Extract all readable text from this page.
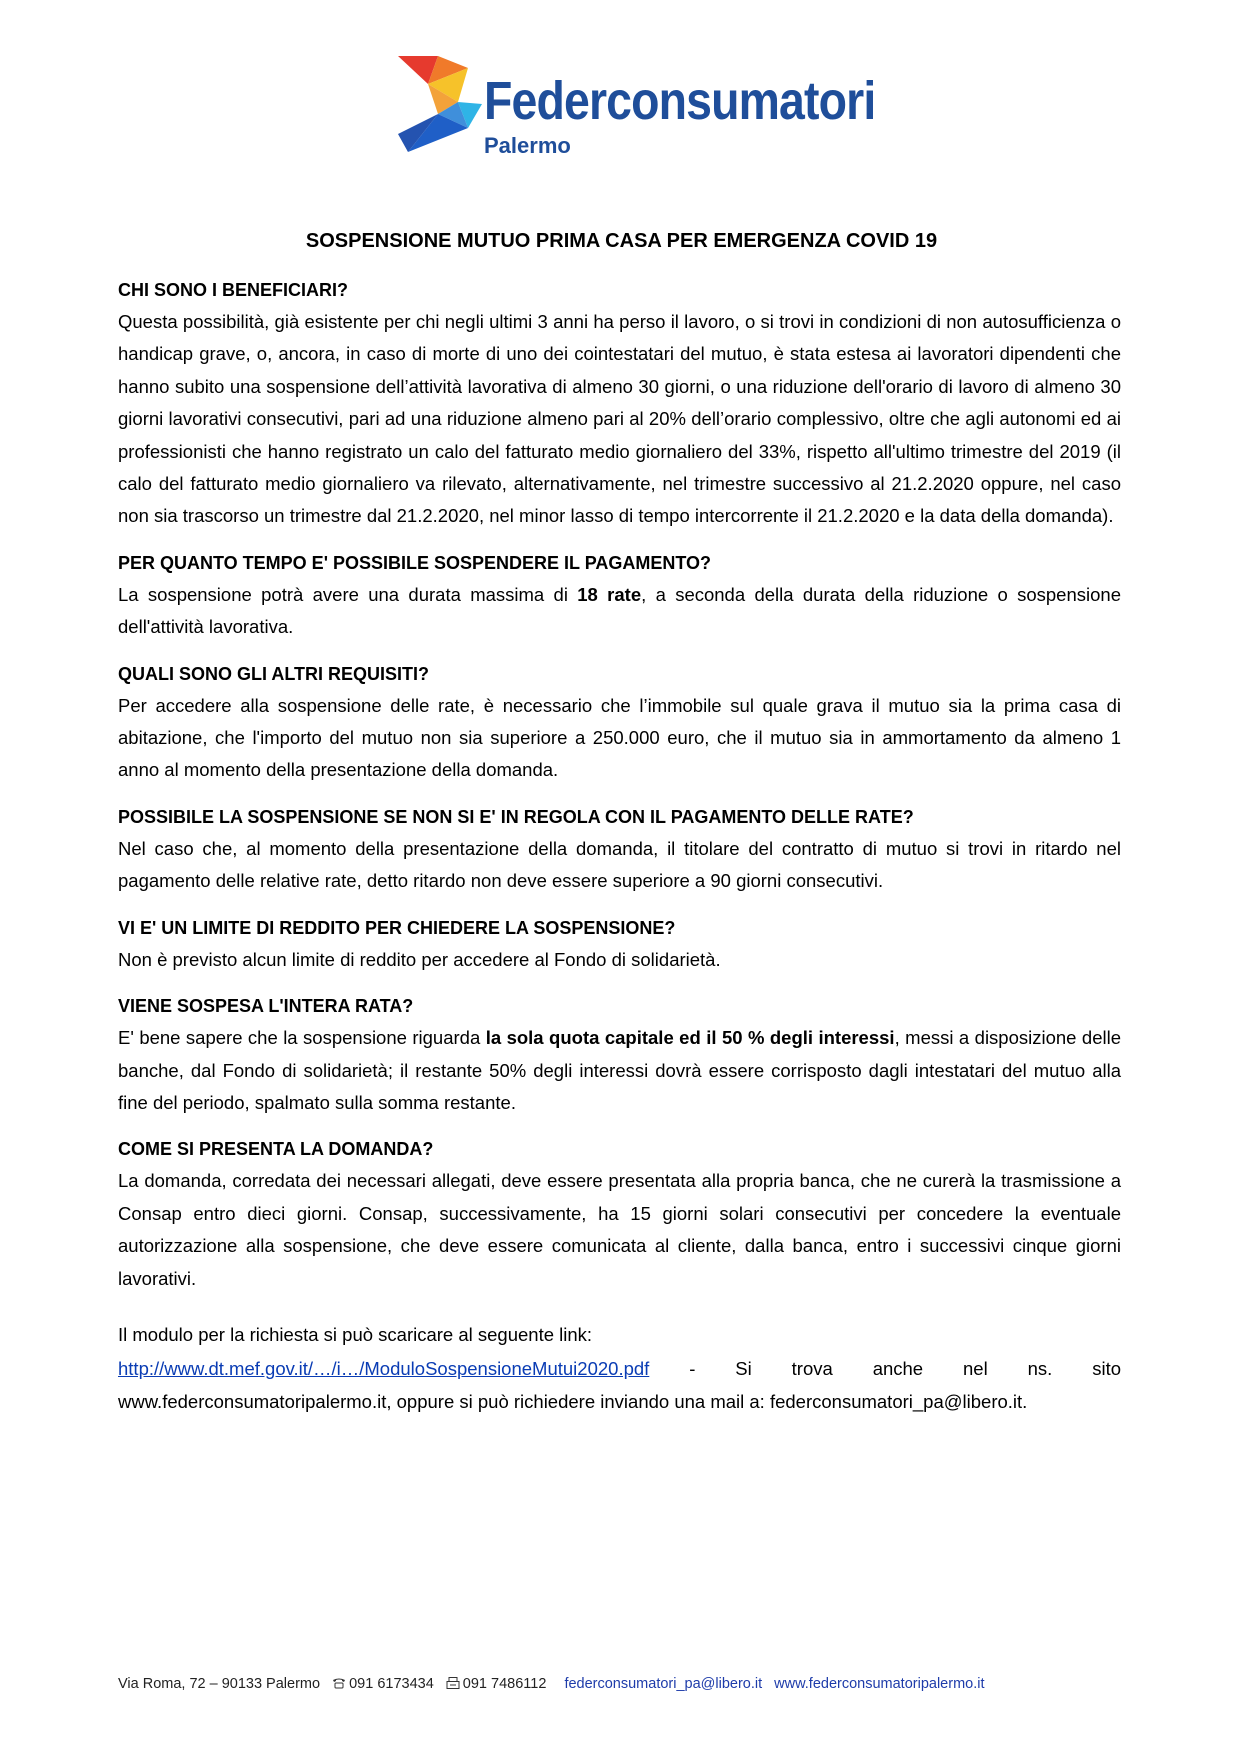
Federconsumatori
Palermo
SOSPENSIONE MUTUO PRIMA CASA PER EMERGENZA COVID 19
CHI SONO I BENEFICIARI?

Questa possibilità, già esistente per chi negli ultimi 3 anni ha perso il lavoro, o si trovi in condizioni di non autosufficienza o handicap grave, o, ancora, in caso di morte di uno dei cointestatari del mutuo, è stata estesa ai lavoratori dipendenti che hanno subito una sospensione dell’attività lavorativa di almeno 30 giorni, o una riduzione dell'orario di lavoro di almeno 30 giorni lavorativi consecutivi, pari ad una riduzione almeno pari al 20% dell’orario complessivo, oltre che agli autonomi ed ai professionisti che hanno registrato un calo del fatturato medio giornaliero del 33%, rispetto all'ultimo trimestre del 2019 (il calo del fatturato medio giornaliero va rilevato, alternativamente, nel trimestre successivo al 21.2.2020 oppure, nel caso non sia trascorso un trimestre dal 21.2.2020, nel minor lasso di tempo intercorrente il 21.2.2020 e la data della domanda).

PER QUANTO TEMPO E' POSSIBILE SOSPENDERE IL PAGAMENTO?

La sospensione potrà avere una durata massima di 18 rate, a seconda della durata della riduzione o sospensione dell'attività lavorativa.

QUALI SONO GLI ALTRI REQUISITI?

Per accedere alla sospensione delle rate, è necessario che l’immobile sul quale grava il mutuo sia la prima casa di abitazione, che l'importo del mutuo non sia superiore a 250.000 euro, che il mutuo sia in ammortamento da almeno 1 anno al momento della presentazione della domanda.

POSSIBILE LA SOSPENSIONE SE NON SI E' IN REGOLA CON IL PAGAMENTO DELLE RATE?

Nel caso che, al momento della presentazione della domanda, il titolare del contratto di mutuo si trovi in ritardo nel pagamento delle relative rate, detto ritardo non deve essere superiore a 90 giorni consecutivi.

VI E' UN LIMITE DI REDDITO PER CHIEDERE LA SOSPENSIONE?

Non è previsto alcun limite di reddito per accedere al Fondo di solidarietà.

VIENE SOSPESA L'INTERA RATA?

E' bene sapere che la sospensione riguarda la sola quota capitale ed il 50 % degli interessi, messi a disposizione delle banche, dal Fondo di solidarietà; il restante 50% degli interessi dovrà essere corrisposto dagli intestatari del mutuo alla fine del periodo, spalmato sulla somma restante.

COME SI PRESENTA LA DOMANDA?

La domanda, corredata dei necessari allegati, deve essere presentata alla propria banca, che ne curerà la trasmissione a Consap entro dieci giorni. Consap, successivamente, ha 15 giorni solari consecutivi per concedere la eventuale autorizzazione alla sospensione, che deve essere comunicata al cliente, dalla banca, entro i successivi cinque giorni lavorativi.

Il modulo per la richiesta si può scaricare al seguente link:

http://www.dt.mef.gov.it/…/i…/ModuloSospensioneMutui2020.pdf - Si trova anche nel ns. sito www.federconsumatoripalermo.it, oppure si può richiedere inviando una mail a: federconsumatori_pa@libero.it.

Via Roma, 72 – 90133 Palermo 091 6173434 091 7486112 federconsumatori_pa@libero.it www.federconsumatoripalermo.it
